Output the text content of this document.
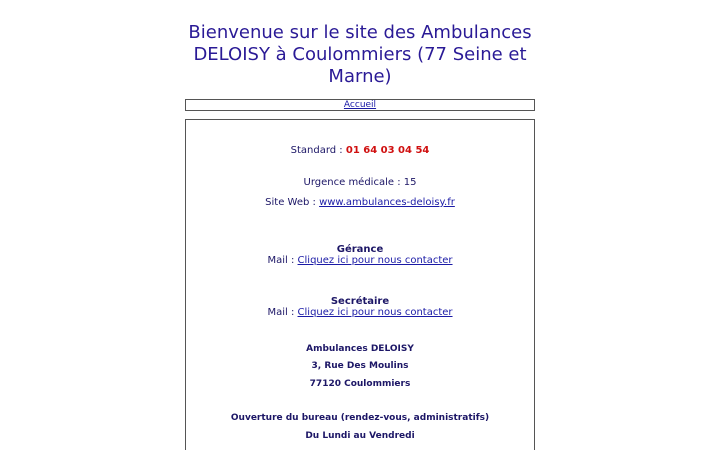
Bienvenue sur le site des Ambulances DELOISY à Coulommiers (77 Seine et Marne)
Accueil
Standard : 01 64 03 04 54
Urgence médicale : 15
Site Web : www.ambulances-deloisy.fr
Gérance
Mail : Cliquez ici pour nous contacter
Secrétaire
Mail : Cliquez ici pour nous contacter
Ambulances DELOISY
3, Rue Des Moulins
77120 Coulommiers
Ouverture du bureau (rendez-vous, administratifs)
Du Lundi au Vendredi
